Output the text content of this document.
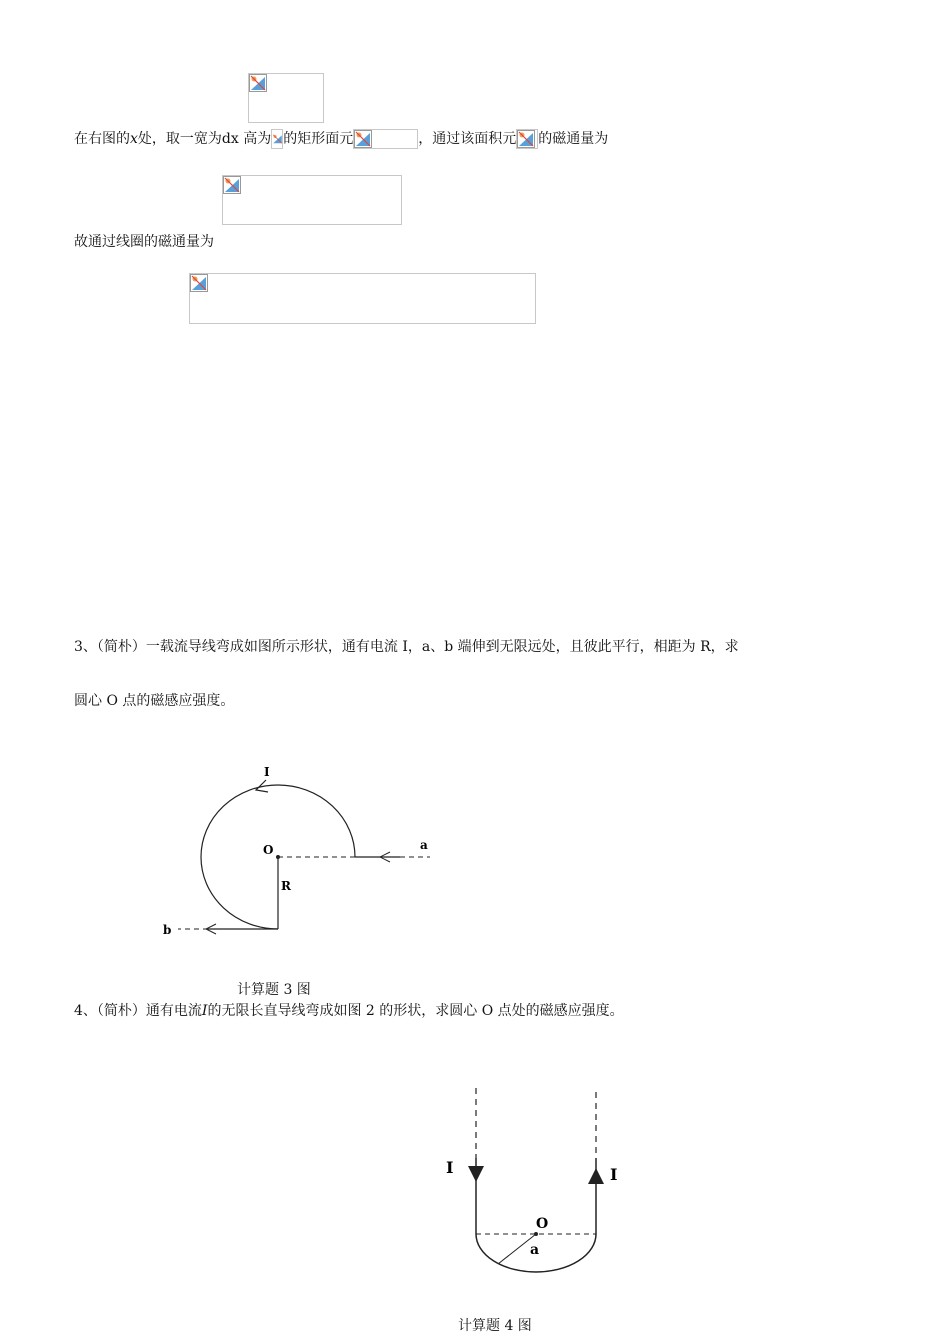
在右图的x处，取一宽为dx 高为 的矩形面元	，通过该面积元 的磁通量为
故通过线圈的磁通量为
3、（简朴）一载流导线弯成如图所示形状，通有电流 I，a、b 端伸到无限远处，且彼此平行，相距为 R，求
圆心 O 点的磁感应强度。
I
O
R
a
b
计算题 3 图
4、（简朴）通有电流I的无限长直导线弯成如图 2 的形状，求圆心 O 点处的磁感应强度。
I	I
O
a
计算题 4 图
